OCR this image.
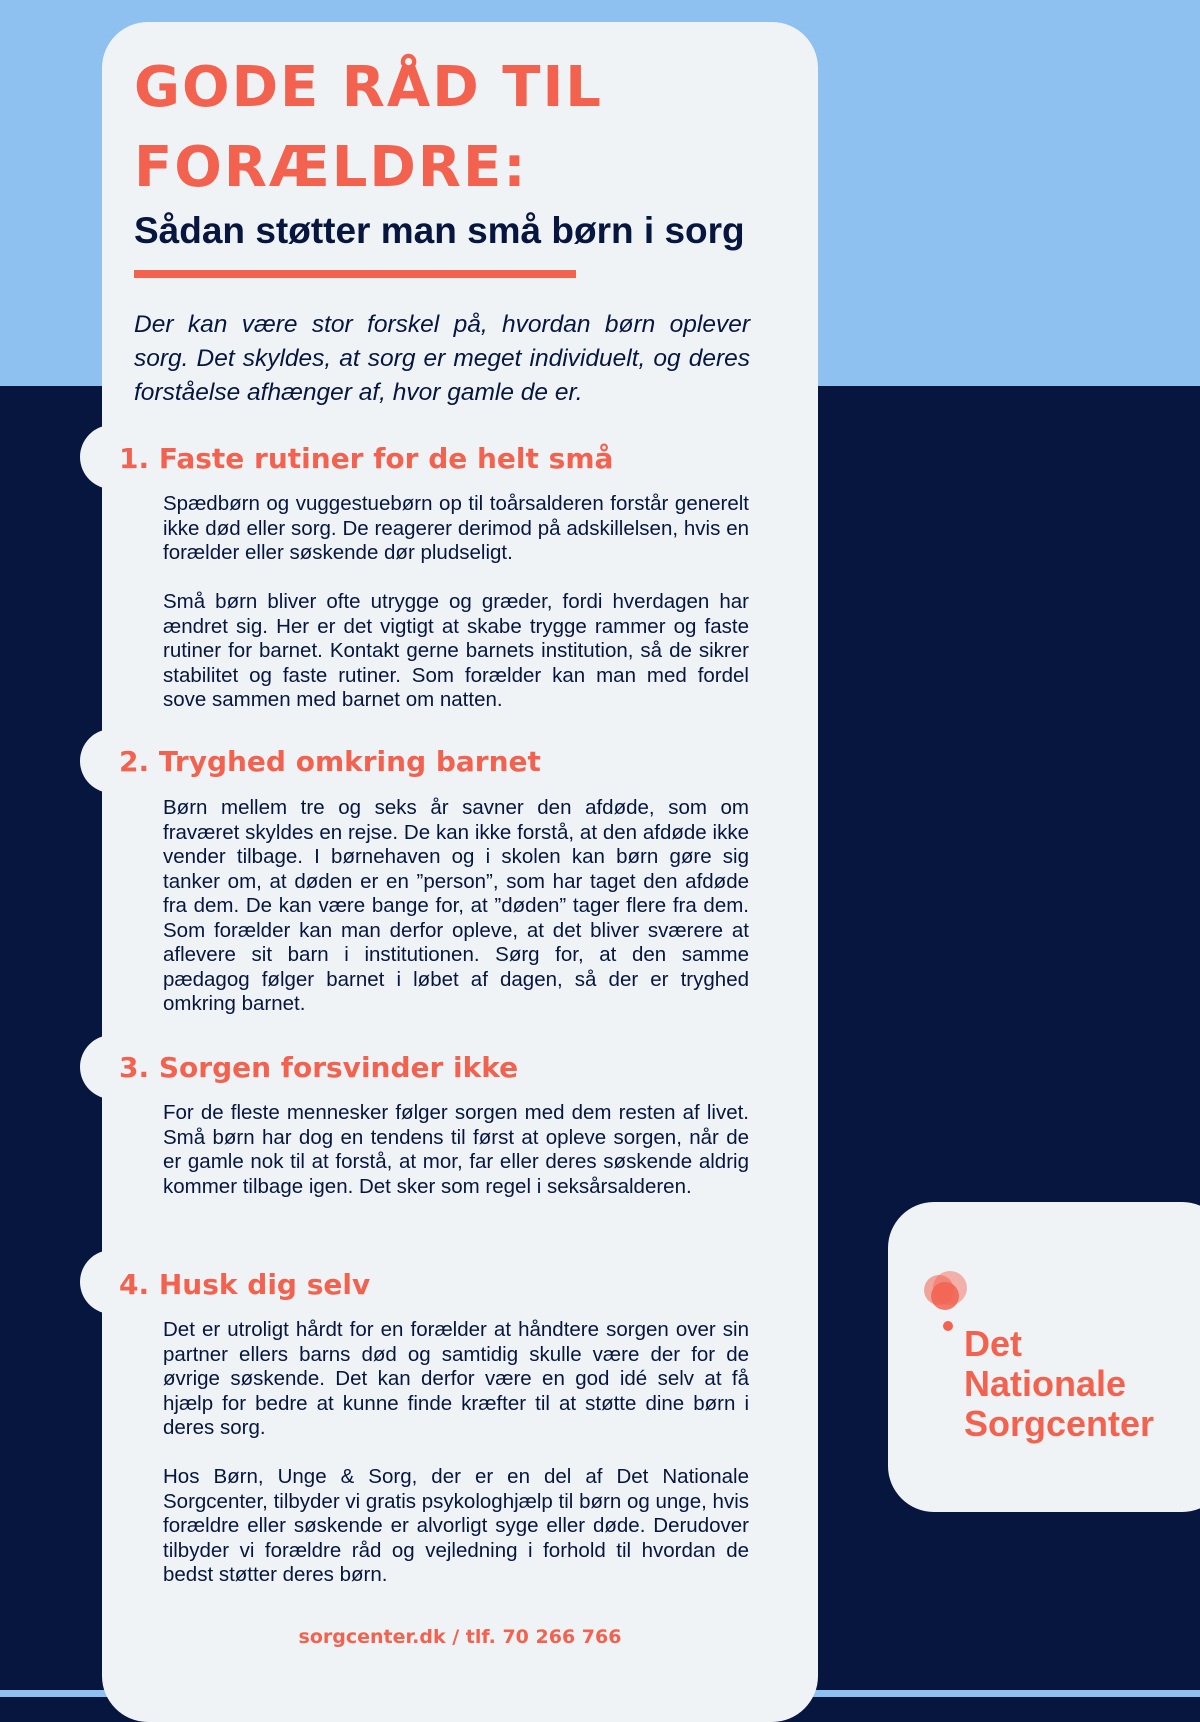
GODE RÅD TIL
FORÆLDRE:
Sådan støtter man små børn i sorg

Der kan være stor forskel på, hvordan børn oplever sorg. Det skyldes, at sorg er meget individuelt, og deres forståelse afhænger af, hvor gamle de er.

1. Faste rutiner for de helt små

Spædbørn og vuggestuebørn op til toårsalderen forstår generelt ikke død eller sorg. De reagerer derimod på adskillelsen, hvis en forælder eller søskende dør pludseligt.

Små børn bliver ofte utrygge og græder, fordi hverdagen har ændret sig. Her er det vigtigt at skabe trygge rammer og faste rutiner for barnet. Kontakt gerne barnets institution, så de sikrer stabilitet og faste rutiner. Som forælder kan man med fordel sove sammen med barnet om natten.

2. Tryghed omkring barnet

Børn mellem tre og seks år savner den afdøde, som om fraværet skyldes en rejse. De kan ikke forstå, at den afdøde ikke vender tilbage. I børnehaven og i skolen kan børn gøre sig tanker om, at døden er en ”person”, som har taget den afdøde fra dem. De kan være bange for, at ”døden” tager flere fra dem. Som forælder kan man derfor opleve, at det bliver sværere at aflevere sit barn i institutionen. Sørg for, at den samme pædagog følger barnet i løbet af dagen, så der er tryghed omkring barnet.

3. Sorgen forsvinder ikke

For de fleste mennesker følger sorgen med dem resten af livet. Små børn har dog en tendens til først at opleve sorgen, når de er gamle nok til at forstå, at mor, far eller deres søskende aldrig kommer tilbage igen. Det sker som regel i seksårsalderen.

4. Husk dig selv

Det er utroligt hårdt for en forælder at håndtere sorgen over sin partner ellers barns død og samtidig skulle være der for de øvrige søskende. Det kan derfor være en god idé selv at få hjælp for bedre at kunne finde kræfter til at støtte dine børn i deres sorg.

Hos Børn, Unge & Sorg, der er en del af Det Nationale Sorgcenter, tilbyder vi gratis psykologhjælp til børn og unge, hvis forældre eller søskende er alvorligt syge eller døde. Derudover tilbyder vi forældre råd og vejledning i forhold til hvordan de bedst støtter deres børn.

sorgcenter.dk / tlf. 70 266 766

Det
Nationale
Sorgcenter
